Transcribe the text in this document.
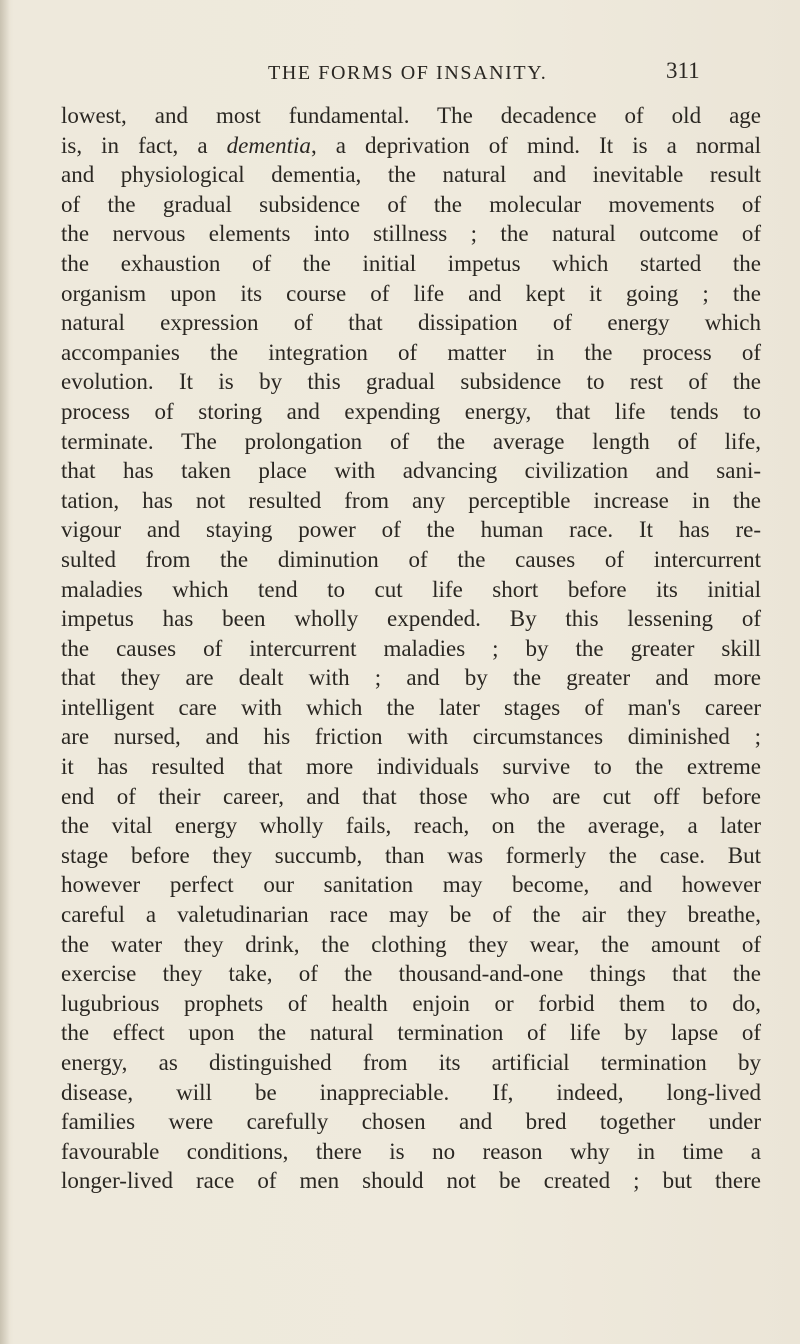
THE FORMS OF INSANITY.	311
lowest, and most fundamental. The decadence of old age
is, in fact, a dementia, a deprivation of mind. It is a normal
and physiological dementia, the natural and inevitable result
of the gradual subsidence of the molecular movements of
the nervous elements into stillness ; the natural outcome of
the exhaustion of the initial impetus which started the
organism upon its course of life and kept it going ; the
natural expression of that dissipation of energy which
accompanies the integration of matter in the process of
evolution. It is by this gradual subsidence to rest of the
process of storing and expending energy, that life tends to
terminate. The prolongation of the average length of life,
that has taken place with advancing civilization and sani-
tation, has not resulted from any perceptible increase in the
vigour and staying power of the human race. It has re-
sulted from the diminution of the causes of intercurrent
maladies which tend to cut life short before its initial
impetus has been wholly expended. By this lessening of
the causes of intercurrent maladies ; by the greater skill
that they are dealt with ; and by the greater and more
intelligent care with which the later stages of man's career
are nursed, and his friction with circumstances diminished ;
it has resulted that more individuals survive to the extreme
end of their career, and that those who are cut off before
the vital energy wholly fails, reach, on the average, a later
stage before they succumb, than was formerly the case. But
however perfect our sanitation may become, and however
careful a valetudinarian race may be of the air they breathe,
the water they drink, the clothing they wear, the amount of
exercise they take, of the thousand-and-one things that the
lugubrious prophets of health enjoin or forbid them to do,
the effect upon the natural termination of life by lapse of
energy, as distinguished from its artificial termination by
disease, will be inappreciable. If, indeed, long-lived
families were carefully chosen and bred together under
favourable conditions, there is no reason why in time a
longer-lived race of men should not be created ; but there
